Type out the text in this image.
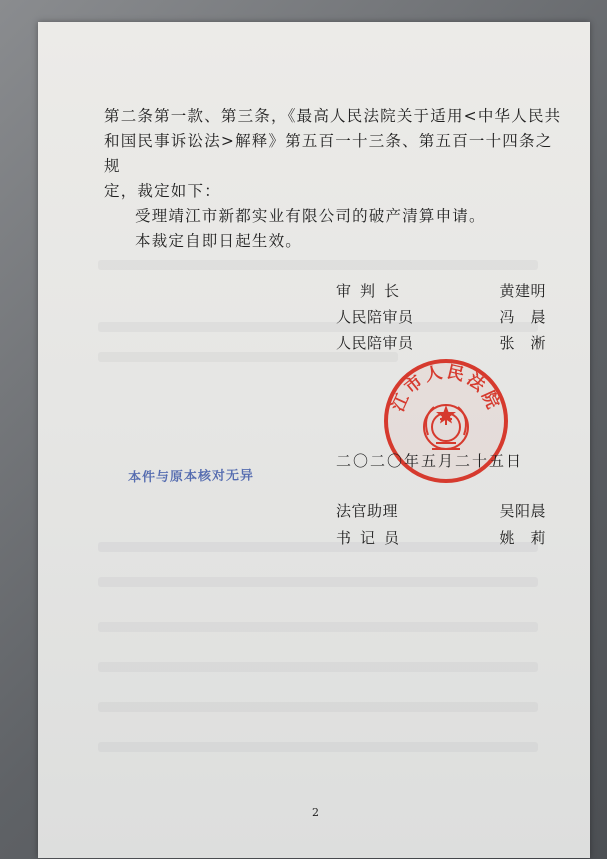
第二条第一款、第三条，《最高人民法院关于适用<中华人民共

和国民事诉讼法>解释》第五百一十三条、第五百一十四条之规

定，裁定如下：

受理靖江市新都实业有限公司的破产清算申请。

本裁定自即日起生效。

审判长	黄建明
人民陪审员	冯　晨
人民陪审员	张　淅
江市人民法院
二〇二〇年五月二十五日
本件与原本核对无异
法官助理	吴阳晨
书记员	姚　莉
2
